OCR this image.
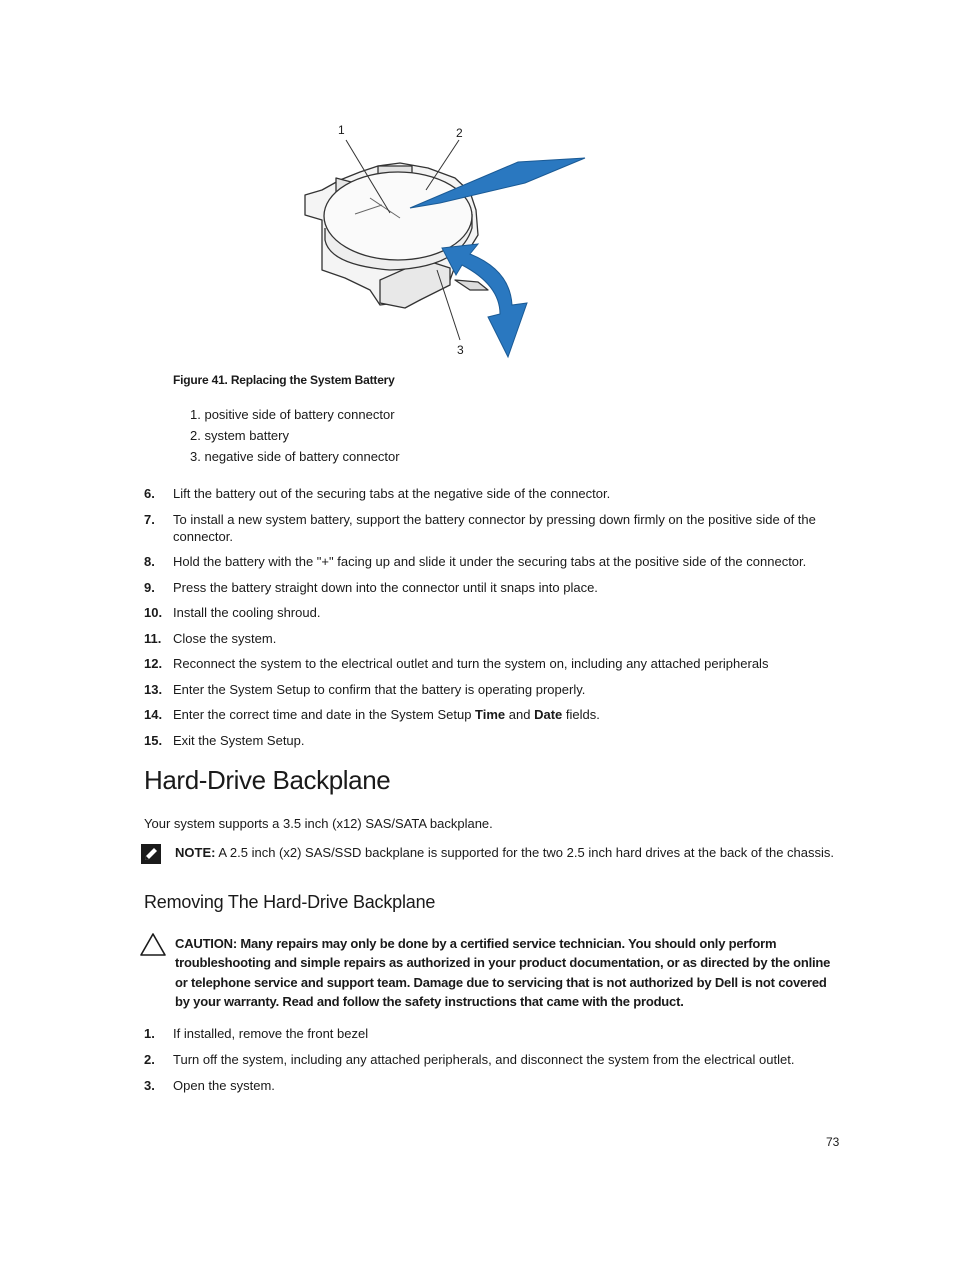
1	2
3
Figure 41. Replacing the System Battery
1. positive side of battery connector
2. system battery
3. negative side of battery connector
6. Lift the battery out of the securing tabs at the negative side of the connector.
7. To install a new system battery, support the battery connector by pressing down firmly on the positive side of the connector.
8. Hold the battery with the "+" facing up and slide it under the securing tabs at the positive side of the connector.
9. Press the battery straight down into the connector until it snaps into place.
10. Install the cooling shroud.
11. Close the system.
12. Reconnect the system to the electrical outlet and turn the system on, including any attached peripherals
13. Enter the System Setup to confirm that the battery is operating properly.
14. Enter the correct time and date in the System Setup Time and Date fields.
15. Exit the System Setup.
Hard-Drive Backplane

Your system supports a 3.5 inch (x12) SAS/SATA backplane.

NOTE: A 2.5 inch (x2) SAS/SSD backplane is supported for the two 2.5 inch hard drives at the back of the chassis.

Removing The Hard-Drive Backplane

CAUTION: Many repairs may only be done by a certified service technician. You should only perform troubleshooting and simple repairs as authorized in your product documentation, or as directed by the online or telephone service and support team. Damage due to servicing that is not authorized by Dell is not covered by your warranty. Read and follow the safety instructions that came with the product.

1. If installed, remove the front bezel
2. Turn off the system, including any attached peripherals, and disconnect the system from the electrical outlet.
3. Open the system.
73
